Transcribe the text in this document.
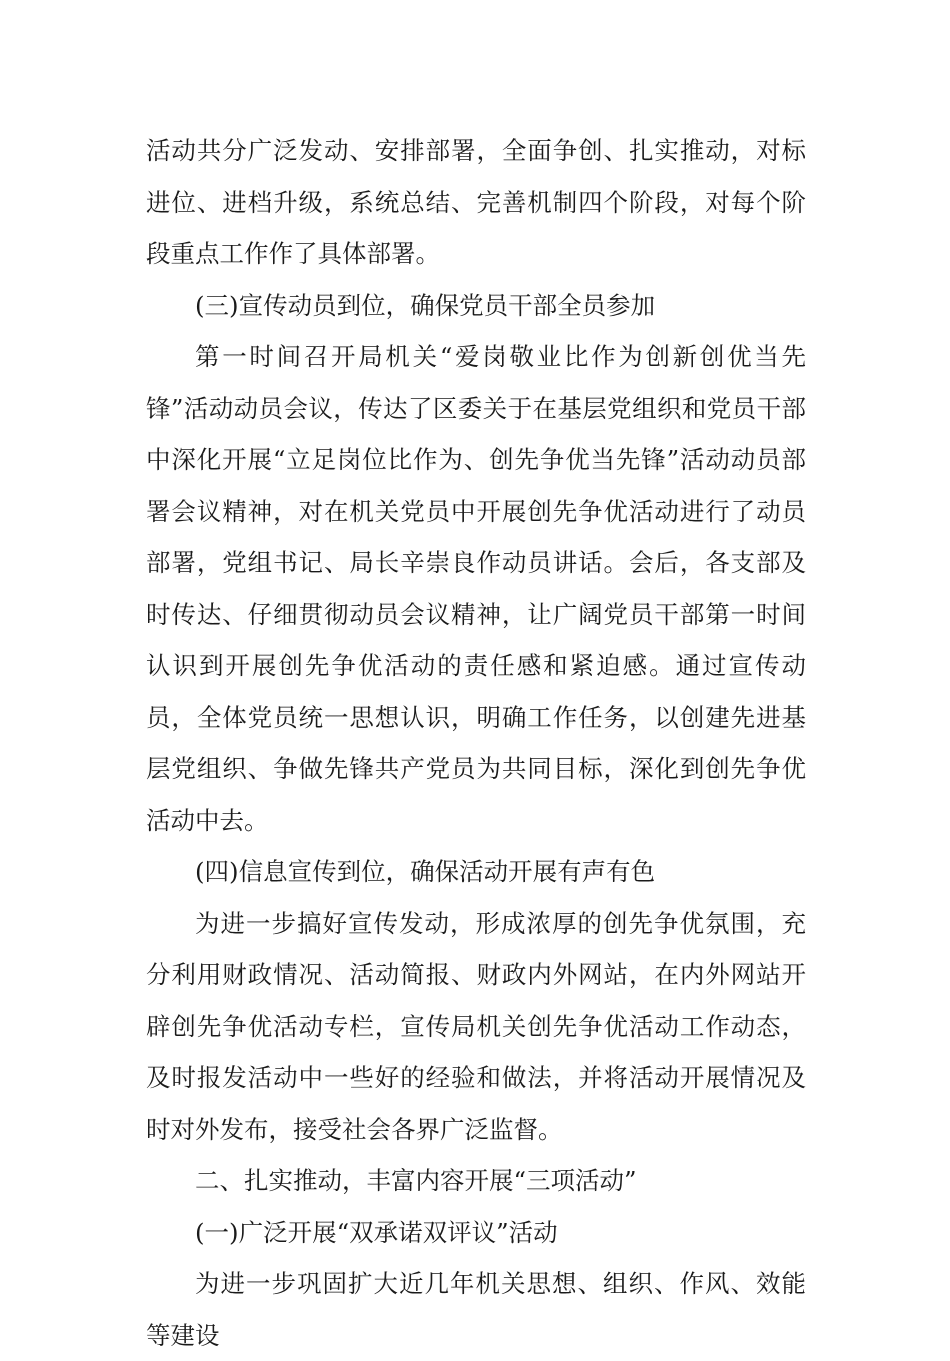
活动共分广泛发动、安排部署，全面争创、扎实推动，对标进位、进档升级，系统总结、完善机制四个阶段，对每个阶段重点工作作了具体部署。

(三)宣传动员到位，确保党员干部全员参加

第一时间召开局机关“爱岗敬业比作为创新创优当先锋”活动动员会议，传达了区委关于在基层党组织和党员干部中深化开展“立足岗位比作为、创先争优当先锋”活动动员部署会议精神，对在机关党员中开展创先争优活动进行了动员部署，党组书记、局长辛崇良作动员讲话。会后，各支部及时传达、仔细贯彻动员会议精神，让广阔党员干部第一时间认识到开展创先争优活动的责任感和紧迫感。通过宣传动员，全体党员统一思想认识，明确工作任务，以创建先进基层党组织、争做先锋共产党员为共同目标，深化到创先争优活动中去。

(四)信息宣传到位，确保活动开展有声有色

为进一步搞好宣传发动，形成浓厚的创先争优氛围，充分利用财政情况、活动简报、财政内外网站，在内外网站开辟创先争优活动专栏，宣传局机关创先争优活动工作动态，及时报发活动中一些好的经验和做法，并将活动开展情况及时对外发布，接受社会各界广泛监督。

二、扎实推动，丰富内容开展“三项活动”

(一)广泛开展“双承诺双评议”活动

为进一步巩固扩大近几年机关思想、组织、作风、效能等建设
